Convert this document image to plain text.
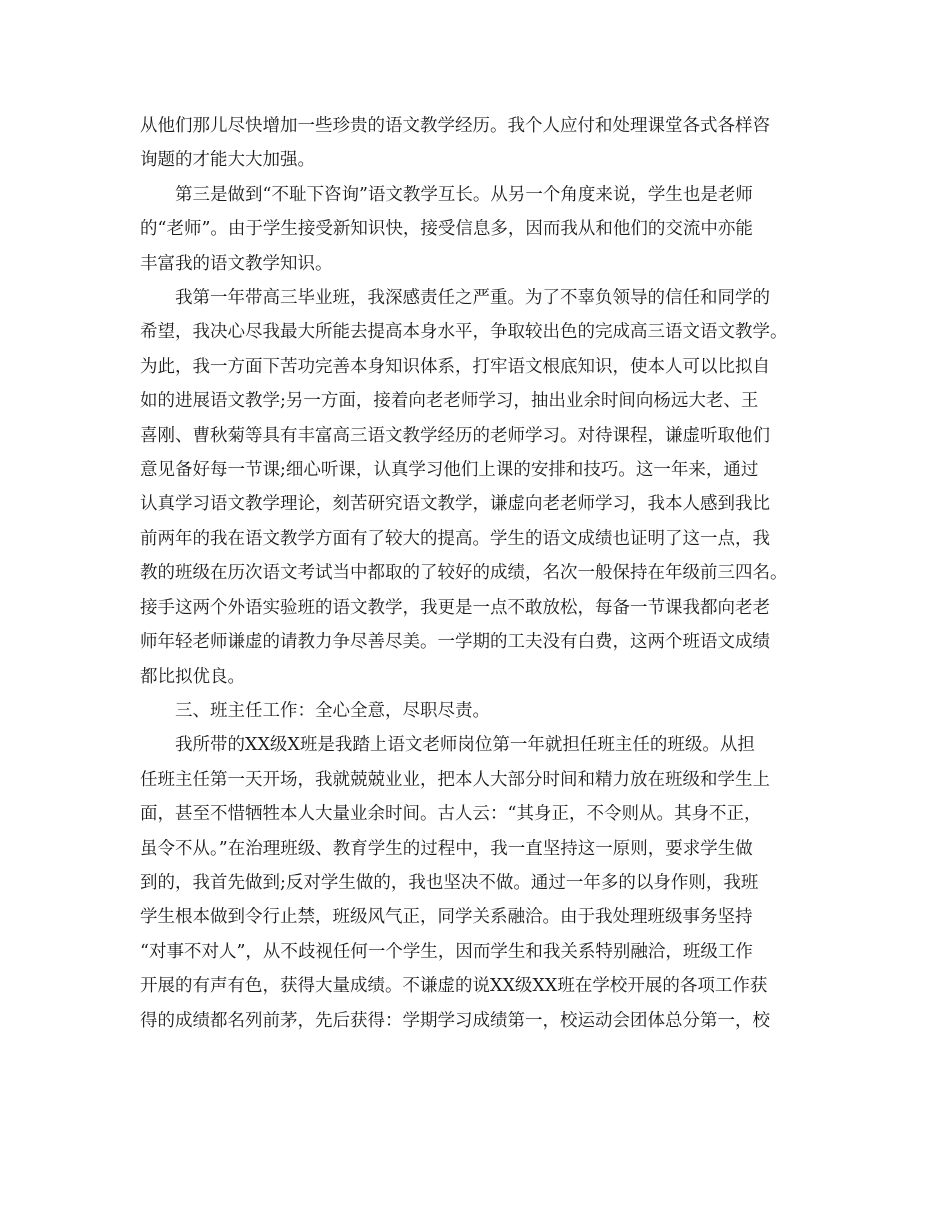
从他们那儿尽快增加一些珍贵的语文教学经历。我个人应付和处理课堂各式各样咨
询题的才能大大加强。

第三是做到“不耻下咨询”语文教学互长。从另一个角度来说，学生也是老师
的“老师”。由于学生接受新知识快，接受信息多，因而我从和他们的交流中亦能
丰富我的语文教学知识。

我第一年带高三毕业班，我深感责任之严重。为了不辜负领导的信任和同学的
希望，我决心尽我最大所能去提高本身水平，争取较出色的完成高三语文语文教学。
为此，我一方面下苦功完善本身知识体系，打牢语文根底知识，使本人可以比拟自
如的进展语文教学;另一方面，接着向老老师学习，抽出业余时间向杨远大老、王
喜刚、曹秋菊等具有丰富高三语文教学经历的老师学习。对待课程，谦虚听取他们
意见备好每一节课;细心听课，认真学习他们上课的安排和技巧。这一年来，通过
认真学习语文教学理论，刻苦研究语文教学，谦虚向老老师学习，我本人感到我比
前两年的我在语文教学方面有了较大的提高。学生的语文成绩也证明了这一点，我
教的班级在历次语文考试当中都取的了较好的成绩，名次一般保持在年级前三四名。
接手这两个外语实验班的语文教学，我更是一点不敢放松，每备一节课我都向老老
师年轻老师谦虚的请教力争尽善尽美。一学期的工夫没有白费，这两个班语文成绩
都比拟优良。

三、班主任工作：全心全意，尽职尽责。

我所带的XX级X班是我踏上语文老师岗位第一年就担任班主任的班级。从担
任班主任第一天开场，我就兢兢业业，把本人大部分时间和精力放在班级和学生上
面，甚至不惜牺牲本人大量业余时间。古人云：“其身正，不令则从。其身不正，
虽令不从。”在治理班级、教育学生的过程中，我一直坚持这一原则，要求学生做
到的，我首先做到;反对学生做的，我也坚决不做。通过一年多的以身作则，我班
学生根本做到令行止禁，班级风气正，同学关系融洽。由于我处理班级事务坚持
“对事不对人”，从不歧视任何一个学生，因而学生和我关系特别融洽，班级工作
开展的有声有色，获得大量成绩。不谦虚的说XX级XX班在学校开展的各项工作获
得的成绩都名列前茅，先后获得：学期学习成绩第一，校运动会团体总分第一，校
